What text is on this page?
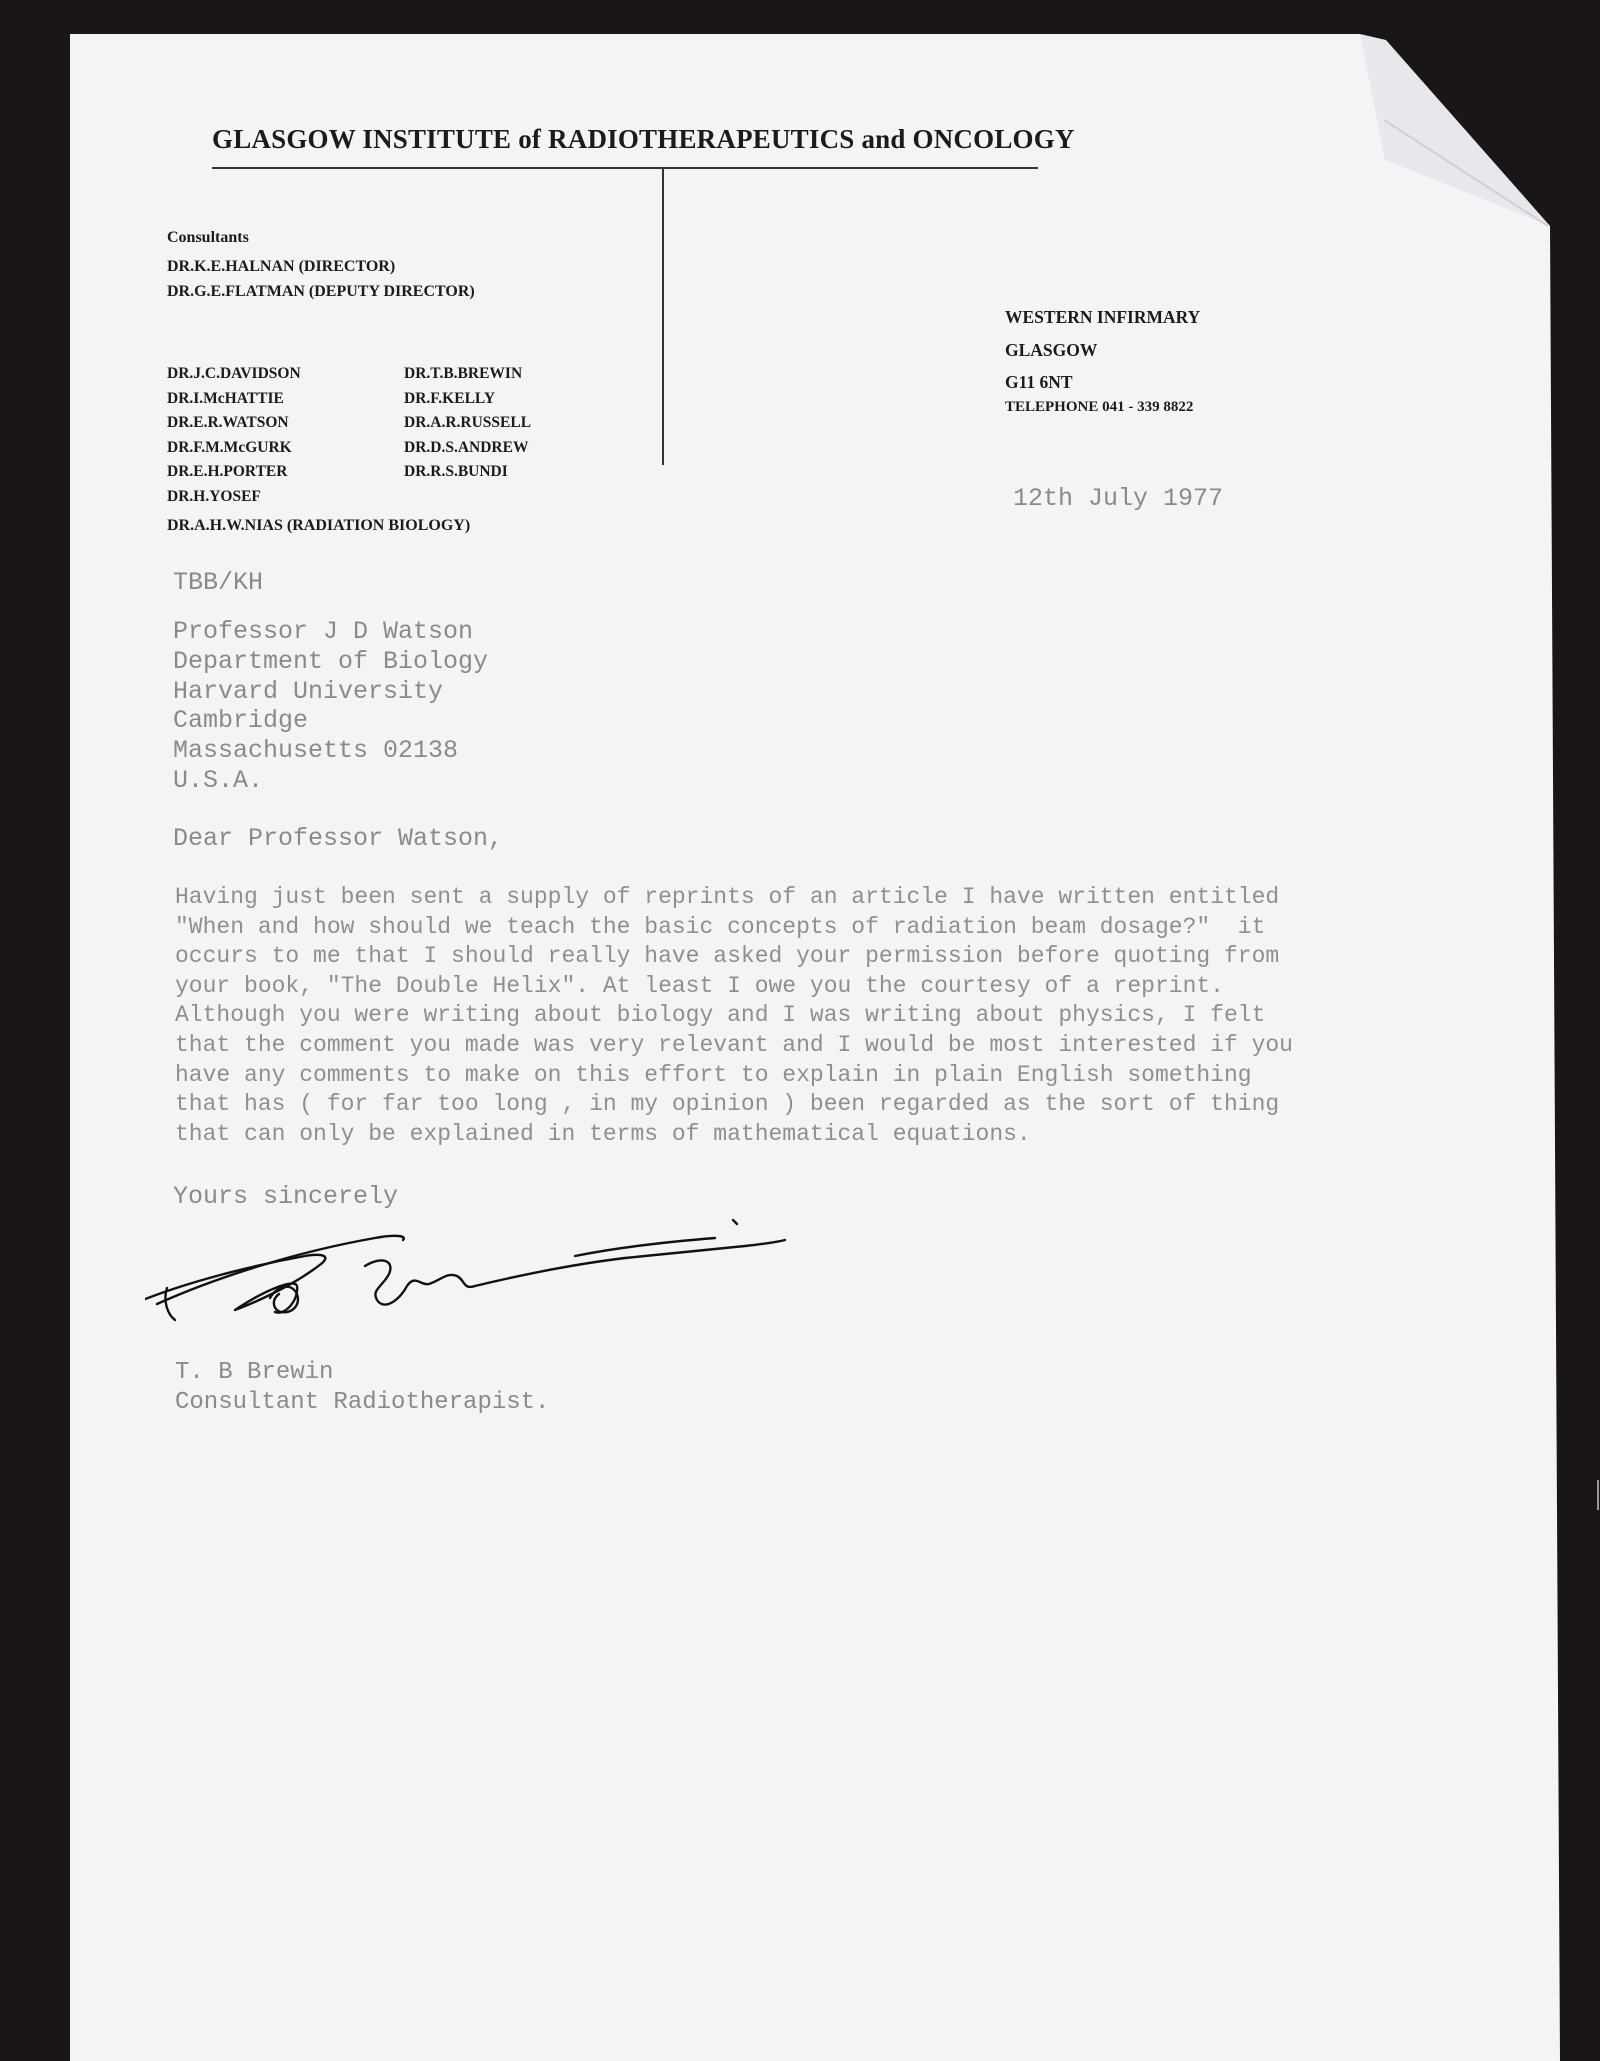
GLASGOW INSTITUTE of RADIOTHERAPEUTICS and ONCOLOGY
Consultants
DR.K.E.HALNAN (DIRECTOR)
DR.G.E.FLATMAN (DEPUTY DIRECTOR)
DR.J.C.DAVIDSON
DR.I.McHATTIE
DR.E.R.WATSON
DR.F.M.McGURK
DR.E.H.PORTER
DR.H.YOSEF
DR.T.B.BREWIN
DR.F.KELLY
DR.A.R.RUSSELL
DR.D.S.ANDREW
DR.R.S.BUNDI
DR.A.H.W.NIAS (RADIATION BIOLOGY)
WESTERN INFIRMARY
GLASGOW
G11 6NT
TELEPHONE 041 - 339 8822
12th July 1977
TBB/KH
Professor J D Watson
Department of Biology
Harvard University
Cambridge
Massachusetts 02138
U.S.A.
Dear Professor Watson,
Having just been sent a supply of reprints of an article I have written entitled
"When and how should we teach the basic concepts of radiation beam dosage?"  it
occurs to me that I should really have asked your permission before quoting from
your book, "The Double Helix". At least I owe you the courtesy of a reprint.
Although you were writing about biology and I was writing about physics, I felt
that the comment you made was very relevant and I would be most interested if you
have any comments to make on this effort to explain in plain English something
that has ( for far too long , in my opinion ) been regarded as the sort of thing
that can only be explained in terms of mathematical equations.
Yours sincerely
T. B Brewin
Consultant Radiotherapist.
